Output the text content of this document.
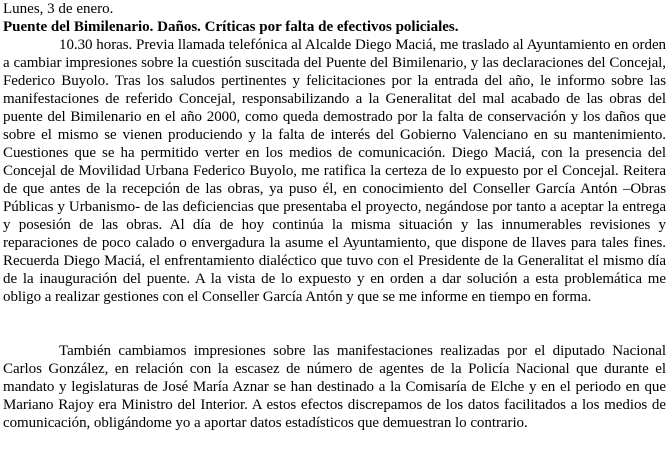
Lunes, 3 de enero.

Puente del Bimilenario. Daños. Críticas por falta de efectivos policiales.

10.30 horas. Previa llamada telefónica al Alcalde Diego Maciá, me traslado al Ayuntamiento en orden a cambiar impresiones sobre la cuestión suscitada del Puente del Bimilenario, y las declaraciones del Concejal, Federico Buyolo. Tras los saludos pertinentes y felicitaciones por la entrada del año, le informo sobre las manifestaciones de referido Concejal, responsabilizando a la Generalitat del mal acabado de las obras del puente del Bimilenario en el año 2000, como queda demostrado por la falta de conservación y los daños que sobre el mismo se vienen produciendo y la falta de interés del Gobierno Valenciano en su mantenimiento. Cuestiones que se ha permitido verter en los medios de comunicación. Diego Maciá, con la presencia del Concejal de Movilidad Urbana Federico Buyolo, me ratifica la certeza de lo expuesto por el Concejal. Reitera de que antes de la recepción de las obras, ya puso él, en conocimiento del Conseller García Antón –Obras Públicas y Urbanismo- de las deficiencias que presentaba el proyecto, negándose por tanto a aceptar la entrega y posesión de las obras. Al día de hoy continúa la misma situación y las innumerables revisiones y reparaciones de poco calado o envergadura la asume el Ayuntamiento, que dispone de llaves para tales fines. Recuerda Diego Maciá, el enfrentamiento dialéctico que tuvo con el Presidente de la Generalitat el mismo día de la inauguración del puente. A la vista de lo expuesto y en orden a dar solución a esta problemática me obligo a realizar gestiones con el Conseller García Antón y que se me informe en tiempo en forma.

También cambiamos impresiones sobre las manifestaciones realizadas por el diputado Nacional Carlos González, en relación con la escasez de número de agentes de la Policía Nacional que durante el mandato y legislaturas de José María Aznar se han destinado a la Comisaría de Elche y en el periodo en que Mariano Rajoy era Ministro del Interior. A estos efectos discrepamos de los datos facilitados a los medios de comunicación, obligándome yo a aportar datos estadísticos que demuestran lo contrario.
